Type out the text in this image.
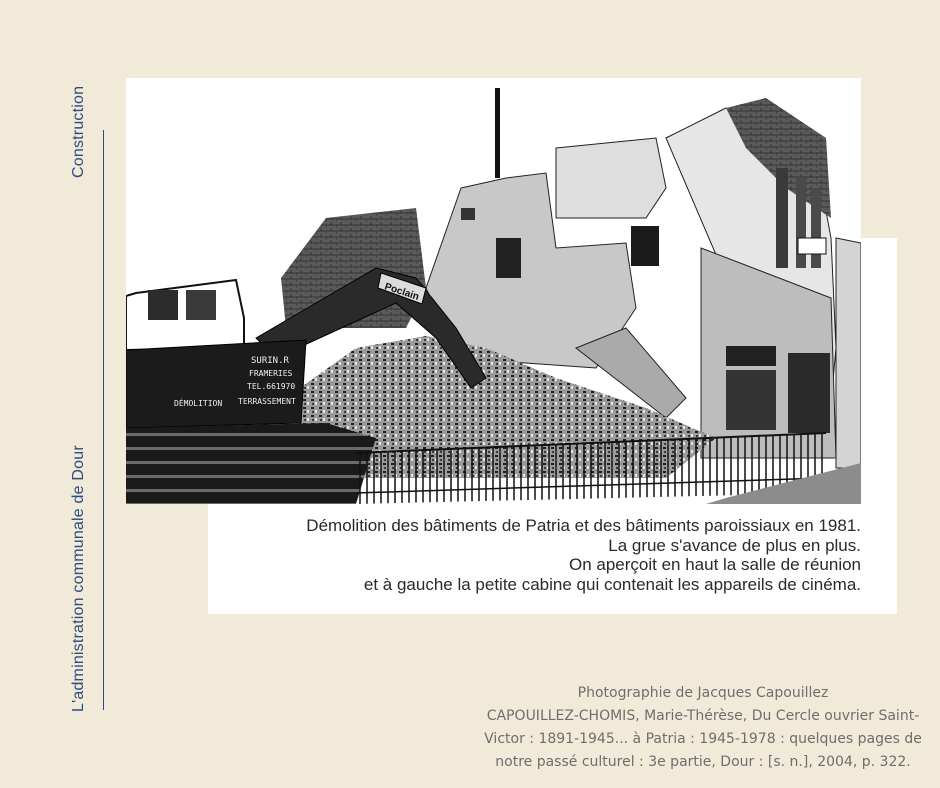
Construction
L'administration communale de Dour
Poclain
SURIN.R
FRAMERIES
TEL.661970
DÉMOLITION TERRASSEMENT
Démolition des bâtiments de Patria et des bâtiments paroissiaux en 1981.
La grue s'avance de plus en plus.
On aperçoit en haut la salle de réunion
et à gauche la petite cabine qui contenait les appareils de cinéma.
Photographie de Jacques Capouillez
CAPOUILLEZ-CHOMIS, Marie-Thérèse, Du Cercle ouvrier Saint-
Victor : 1891-1945... à Patria : 1945-1978 : quelques pages de
notre passé culturel : 3e partie, Dour : [s. n.], 2004, p. 322.
